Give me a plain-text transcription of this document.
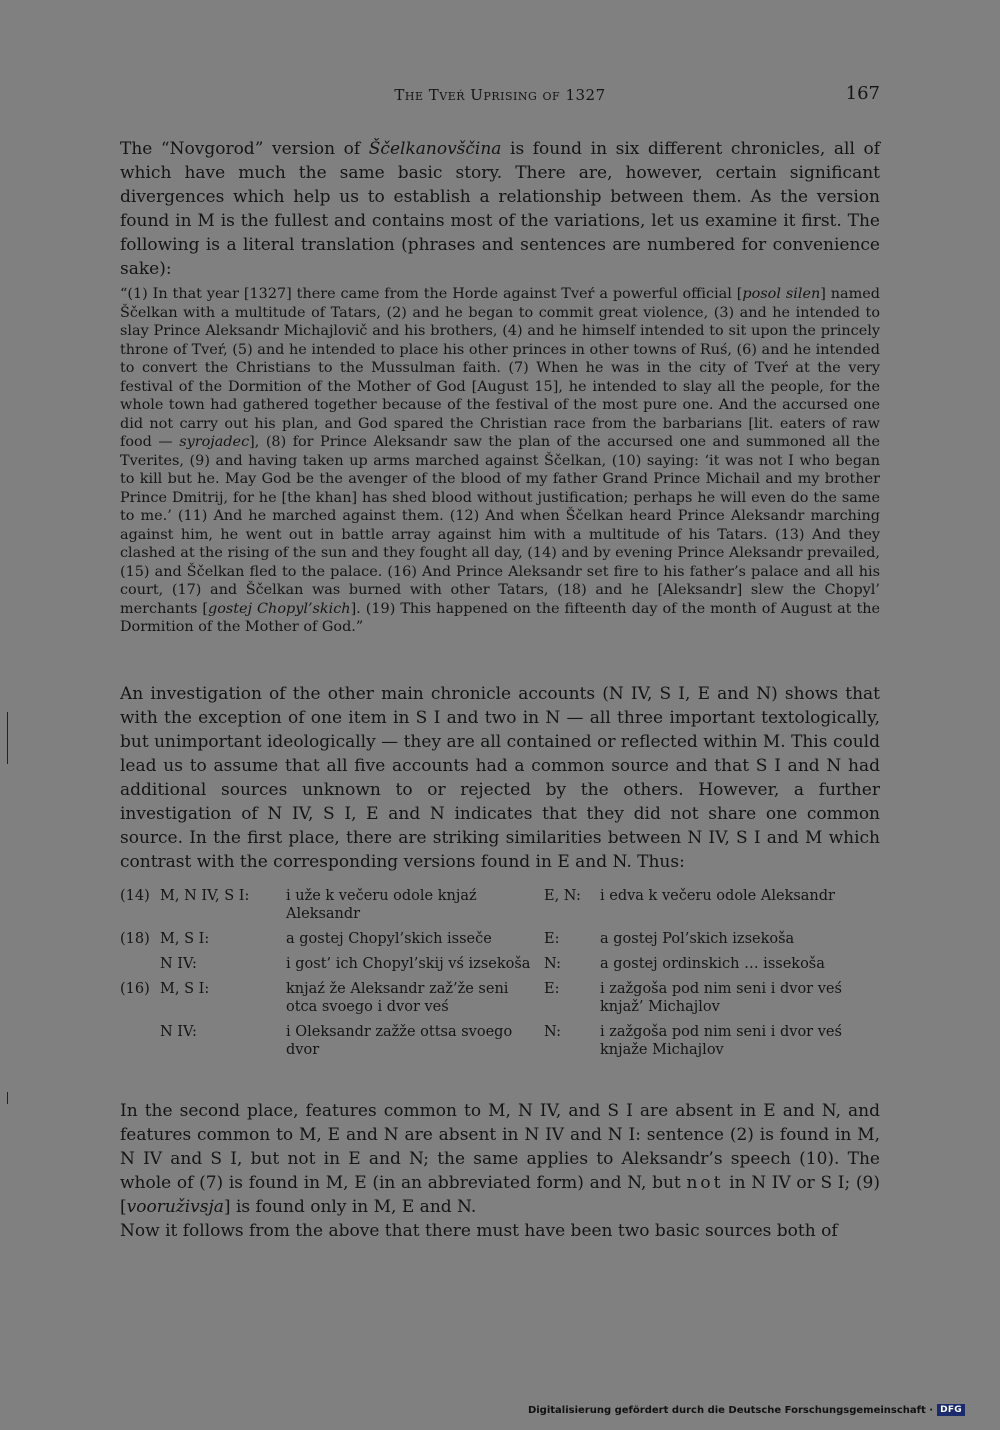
The Tveŕ Uprising of 1327	167

The “Novgorod” version of Ščelkanovščina is found in six different chronicles, all of which have much the same basic story. There are, however, certain significant divergences which help us to establish a relationship between them. As the version found in M is the fullest and contains most of the variations, let us examine it first. The following is a literal translation (phrases and sentences are numbered for convenience sake):

“(1) In that year [1327] there came from the Horde against Tveŕ a powerful official [posol silen] named Ščelkan with a multitude of Tatars, (2) and he began to commit great violence, (3) and he intended to slay Prince Aleksandr Michajlovič and his brothers, (4) and he himself intended to sit upon the princely throne of Tveŕ, (5) and he intended to place his other princes in other towns of Ruś, (6) and he intended to convert the Christians to the Mussulman faith. (7) When he was in the city of Tveŕ at the very festival of the Dormition of the Mother of God [August 15], he intended to slay all the people, for the whole town had gathered together because of the festival of the most pure one. And the accursed one did not carry out his plan, and God spared the Christian race from the barbarians [lit. eaters of raw food — syrojadec], (8) for Prince Aleksandr saw the plan of the accursed one and summoned all the Tverites, (9) and having taken up arms marched against Ščelkan, (10) saying: ‘it was not I who began to kill but he. May God be the avenger of the blood of my father Grand Prince Michail and my brother Prince Dmitrij, for he [the khan] has shed blood without justification; perhaps he will even do the same to me.’ (11) And he marched against them. (12) And when Ščelkan heard Prince Aleksandr marching against him, he went out in battle array against him with a multitude of his Tatars. (13) And they clashed at the rising of the sun and they fought all day, (14) and by evening Prince Aleksandr prevailed, (15) and Ščelkan fled to the palace. (16) And Prince Aleksandr set fire to his father’s palace and all his court, (17) and Ščelkan was burned with other Tatars, (18) and he [Aleksandr] slew the Chopyl’ merchants [gostej Chopyl’skich]. (19) This happened on the fifteenth day of the month of August at the Dormition of the Mother of God.”

An investigation of the other main chronicle accounts (N IV, S I, E and N) shows that with the exception of one item in S I and two in N — all three important textologically, but unimportant ideologically — they are all contained or reflected within M. This could lead us to assume that all five accounts had a common source and that S I and N had additional sources unknown to or rejected by the others. However, a further investigation of N IV, S I, E and N indicates that they did not share one common source. In the first place, there are striking similarities between N IV, S I and M which contrast with the corresponding versions found in E and N. Thus:

(14)	M, N IV, S I:	i uže k večeru odole knjaź Aleksandr	E, N:	i edva k večeru odole Aleksandr
(18)	M, S I:	a gostej Chopyl’skich isseče	E:	a gostej Pol’skich izsekoša
	N IV:	i gost’ ich Chopyl’skij vś izsekoša	N:	a gostej ordinskich … issekoša
(16)	M, S I:	knjaź že Aleksandr zaž’že seni otca svoego i dvor veś	E:	i zažgoša pod nim seni i dvor veś knjaž’ Michajlov
	N IV:	i Oleksandr zažže ottsa svoego dvor	N:	i zažgoša pod nim seni i dvor veś knjaže Michajlov

In the second place, features common to M, N IV, and S I are absent in E and N, and features common to M, E and N are absent in N IV and N I: sentence (2) is found in M, N IV and S I, but not in E and N; the same applies to Aleksandr’s speech (10). The whole of (7) is found in M, E (in an abbreviated form) and N, but not in N IV or S I; (9) [vooruživsja] is found only in M, E and N.

Now it follows from the above that there must have been two basic sources both of

Digitalisierung gefördert durch die Deutsche Forschungsgemeinschaft · DFG
